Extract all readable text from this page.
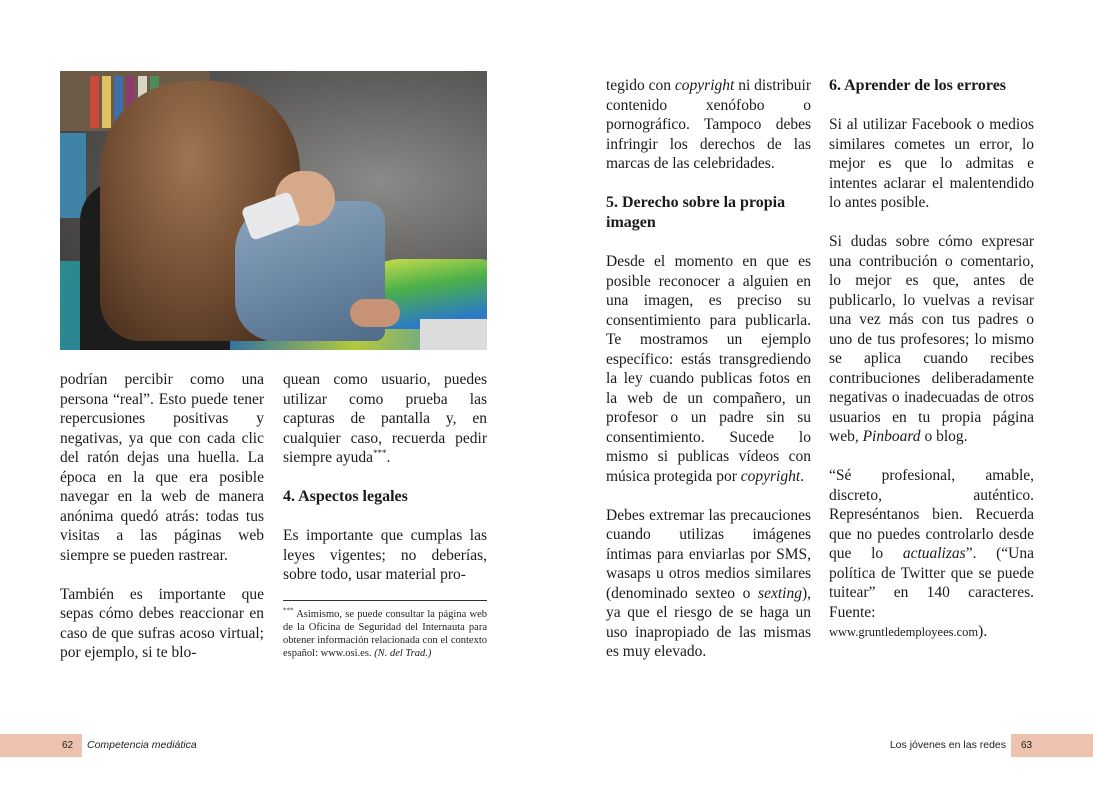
podrían percibir como una persona “real”. Esto puede tener repercusiones positivas y negativas, ya que con cada clic del ratón dejas una huella. La época en la que era posible navegar en la web de manera anónima quedó atrás: todas tus visitas a las páginas web siempre se pueden rastrear.

También es importante que sepas cómo debes reaccionar en caso de que sufras acoso virtual; por ejemplo, si te blo-

quean como usuario, puedes utilizar como prueba las capturas de pantalla y, en cualquier caso, recuerda pedir siempre ayuda***.

4. Aspectos legales

Es importante que cumplas las leyes vigentes; no deberías, sobre todo, usar material pro-

*** Asimismo, se puede consultar la página web de la Oficina de Seguridad del Internauta para obtener información relacionada con el contexto español: www.osi.es. (N. del Trad.)

tegido con copyright ni distribuir contenido xenófobo o pornográfico. Tampoco debes infringir los derechos de las marcas de las celebridades.

5. Derecho sobre la propia imagen

Desde el momento en que es posible reconocer a alguien en una imagen, es preciso su consentimiento para publicarla. Te mostramos un ejemplo específico: estás transgrediendo la ley cuando publicas fotos en la web de un compañero, un profesor o un padre sin su consentimiento. Sucede lo mismo si publicas vídeos con música protegida por copyright.

Debes extremar las precauciones cuando utilizas imágenes íntimas para enviarlas por SMS, wasaps u otros medios similares (denominado sexteo o sexting), ya que el riesgo de se haga un uso inapropiado de las mismas es muy elevado.

6. Aprender de los errores

Si al utilizar Facebook o medios similares cometes un error, lo mejor es que lo admitas e intentes aclarar el malentendido lo antes posible.

Si dudas sobre cómo expresar una contribución o comentario, lo mejor es que, antes de publicarlo, lo vuelvas a revisar una vez más con tus padres o uno de tus profesores; lo mismo se aplica cuando recibes contribuciones deliberadamente negativas o inadecuadas de otros usuarios en tu propia página web, Pinboard o blog.

“Sé profesional, amable, discreto, auténtico. Represéntanos bien. Recuerda que no puedes controlarlo desde que lo actualizas”. (“Una política de Twitter que se puede tuitear” en 140 caracteres. Fuente: www.gruntledemployees.com).

62 Competencia mediática	63
Los jóvenes en las redes
